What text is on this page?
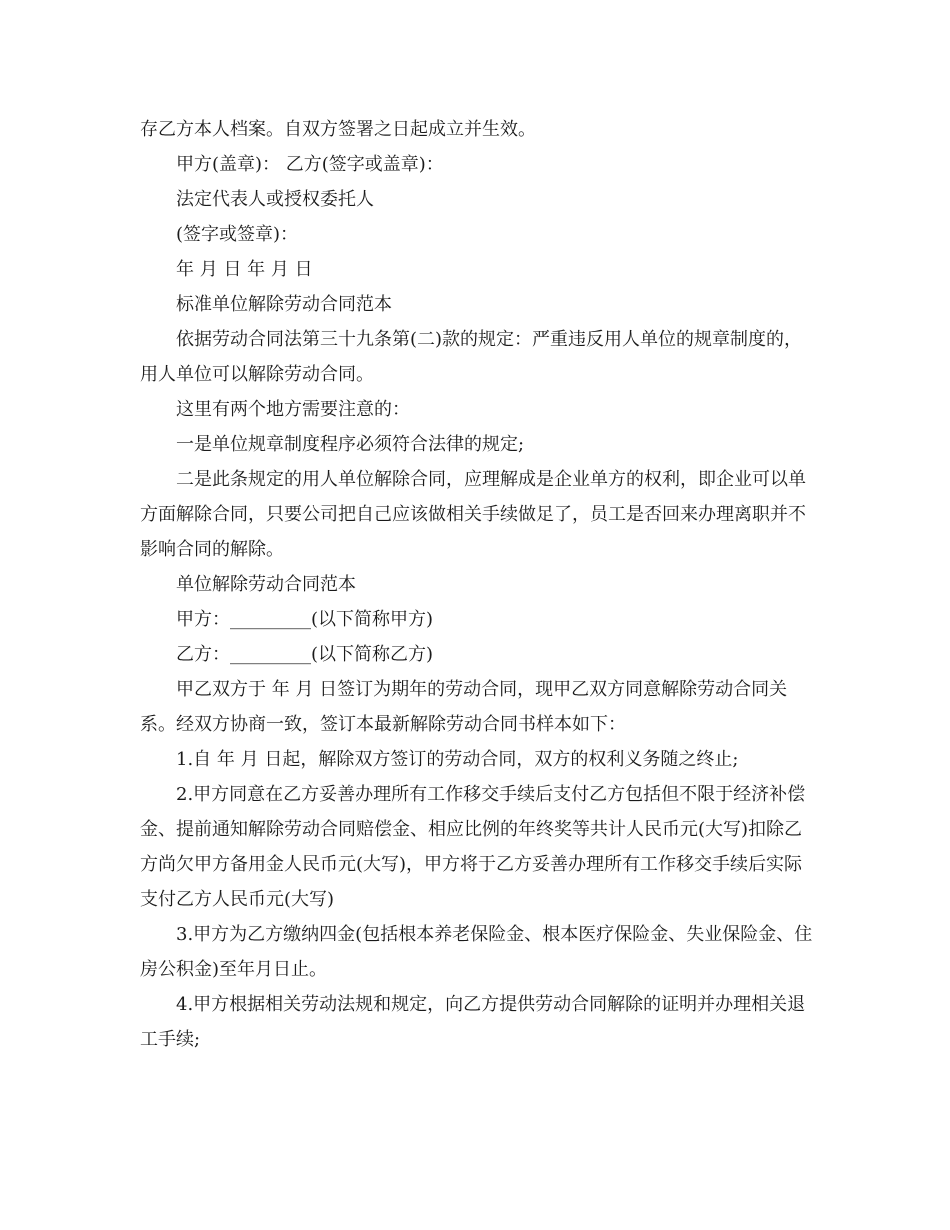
存乙方本人档案。自双方签署之日起成立并生效。

甲方(盖章)： 乙方(签字或盖章)：

法定代表人或授权委托人

(签字或签章)：

年 月 日 年 月 日

标准单位解除劳动合同范本

依据劳动合同法第三十九条第(二)款的规定：严重违反用人单位的规章制度的，用人单位可以解除劳动合同。

这里有两个地方需要注意的：

一是单位规章制度程序必须符合法律的规定;

二是此条规定的用人单位解除合同，应理解成是企业单方的权利，即企业可以单方面解除合同，只要公司把自己应该做相关手续做足了，员工是否回来办理离职并不影响合同的解除。

单位解除劳动合同范本

甲方：_________(以下简称甲方)

乙方：_________(以下简称乙方)

甲乙双方于 年 月 日签订为期年的劳动合同，现甲乙双方同意解除劳动合同关系。经双方协商一致，签订本最新解除劳动合同书样本如下：

1.自 年 月 日起，解除双方签订的劳动合同，双方的权利义务随之终止;

2.甲方同意在乙方妥善办理所有工作移交手续后支付乙方包括但不限于经济补偿金、提前通知解除劳动合同赔偿金、相应比例的年终奖等共计人民币元(大写)扣除乙方尚欠甲方备用金人民币元(大写)，甲方将于乙方妥善办理所有工作移交手续后实际支付乙方人民币元(大写)

3.甲方为乙方缴纳四金(包括根本养老保险金、根本医疗保险金、失业保险金、住房公积金)至年月日止。

4.甲方根据相关劳动法规和规定，向乙方提供劳动合同解除的证明并办理相关退工手续;
